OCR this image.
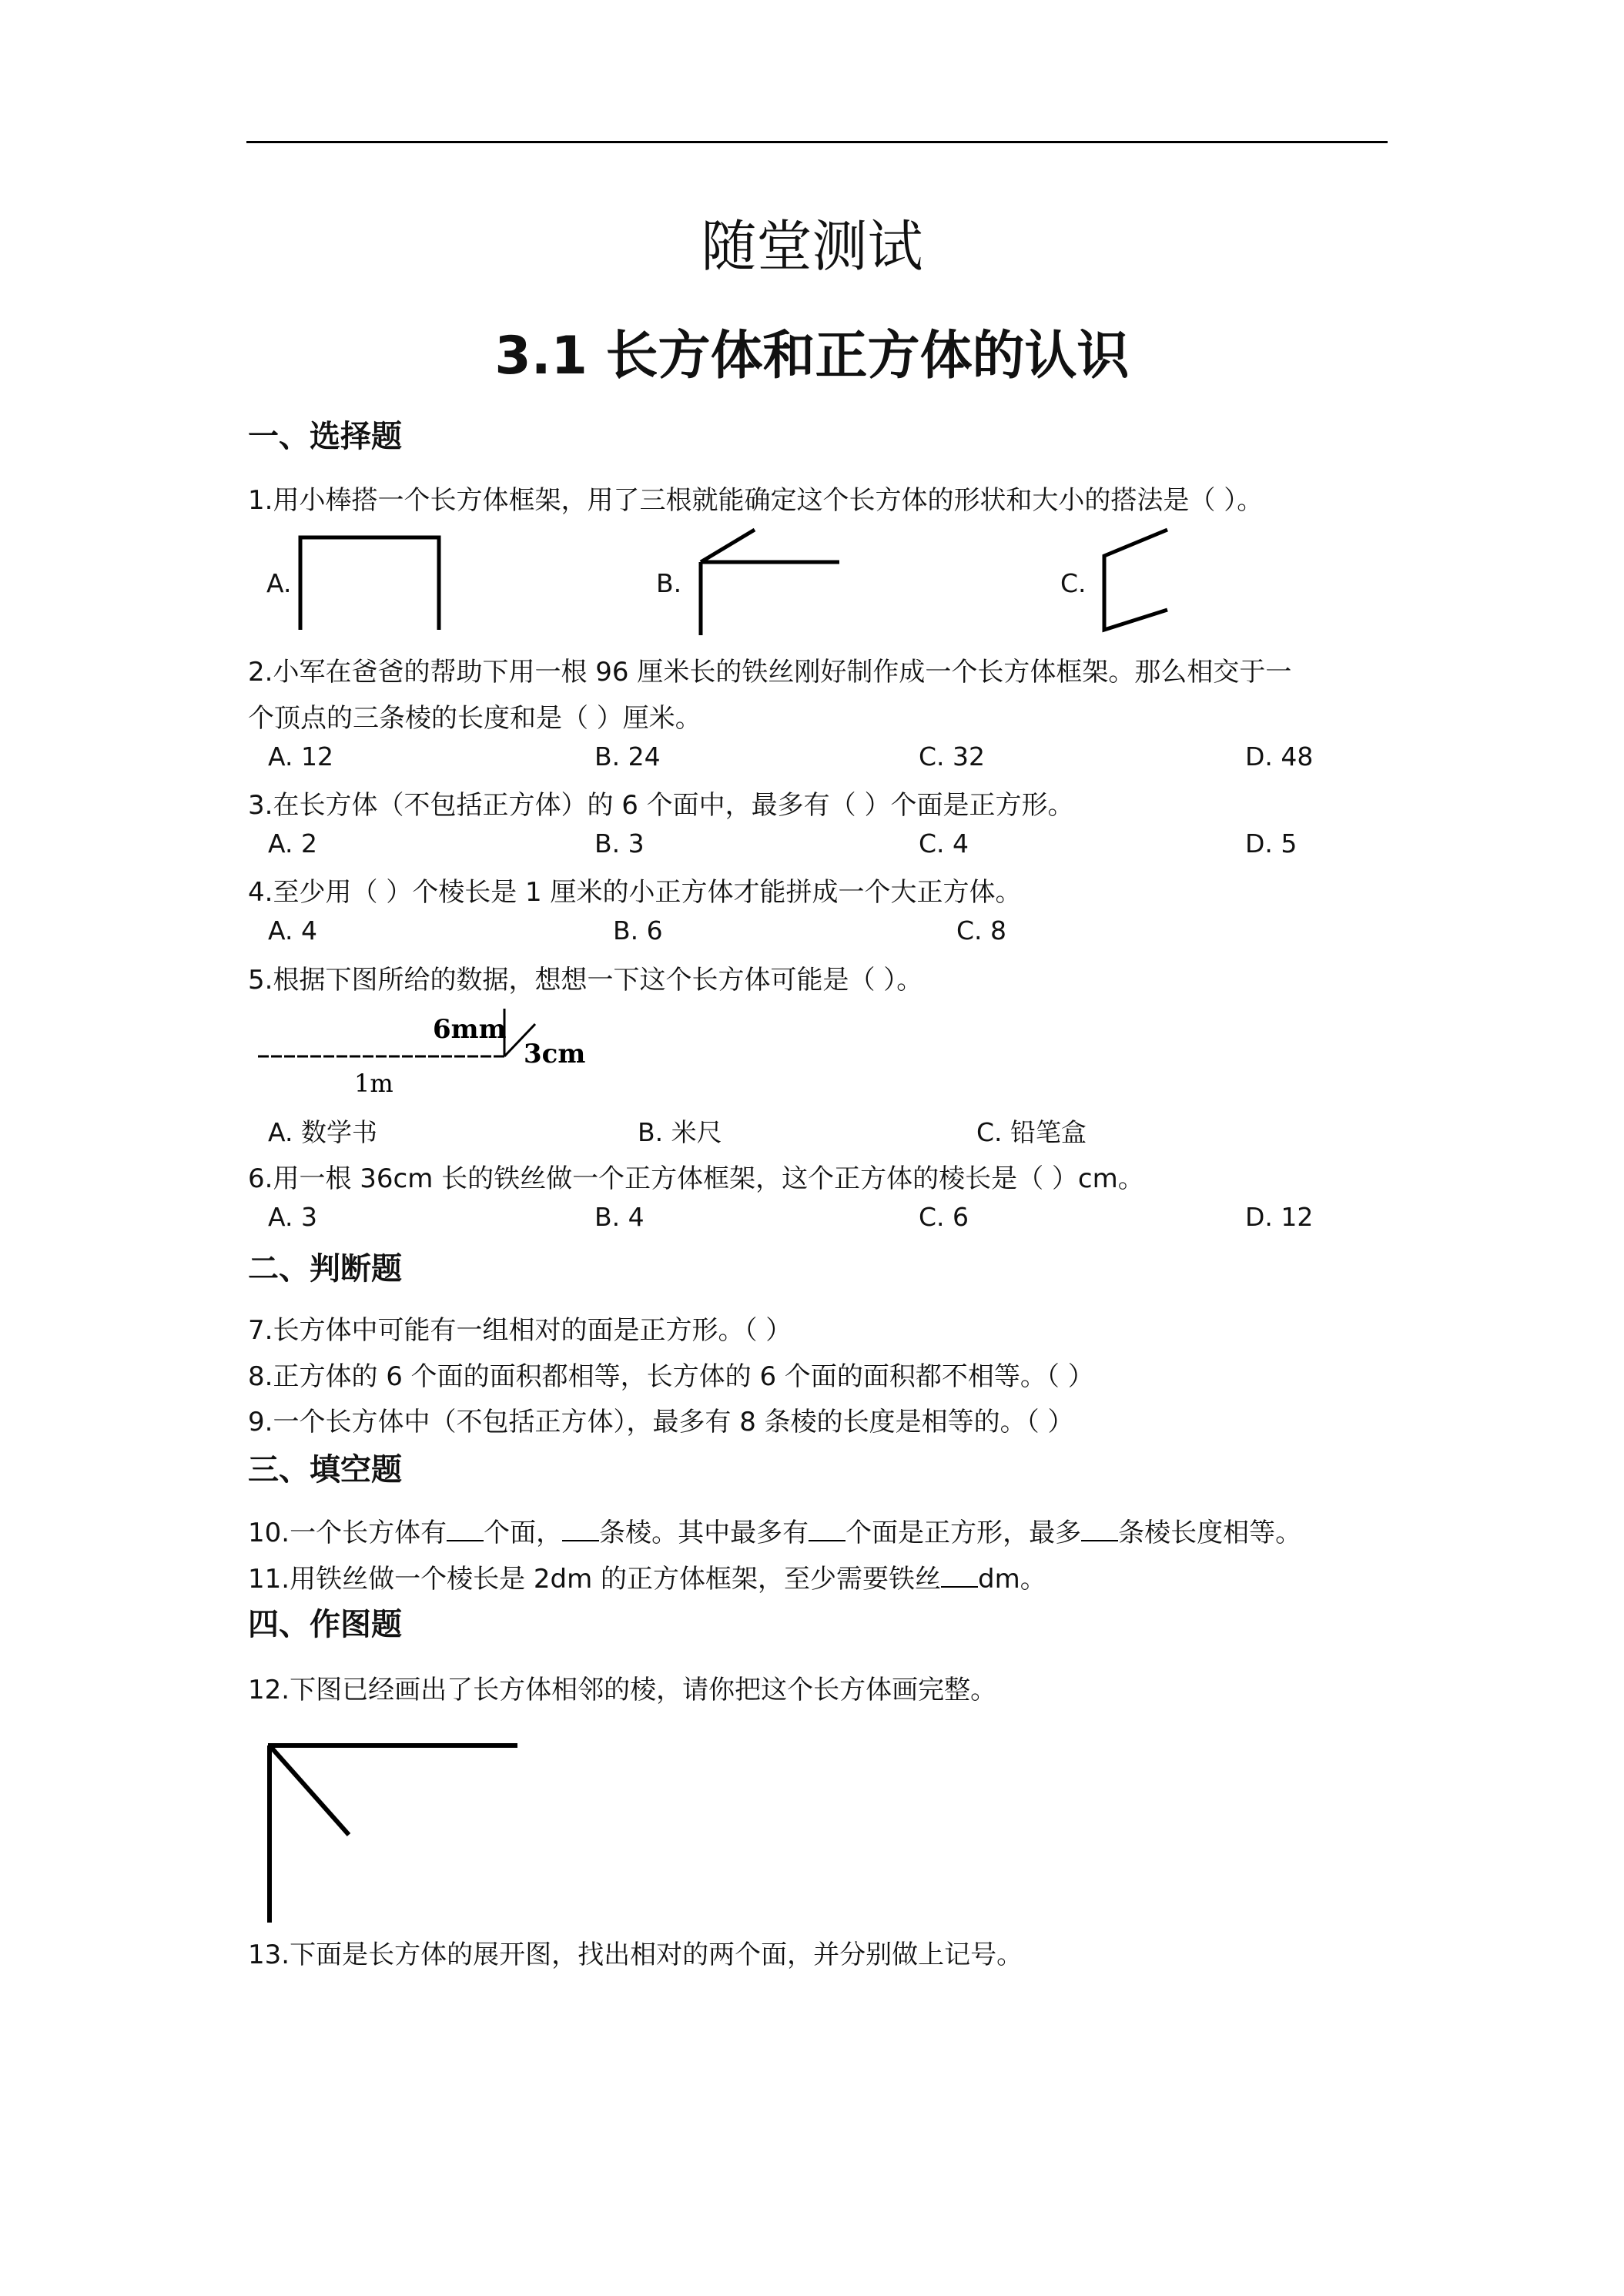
随堂测试
3.1 长方体和正方体的认识
一、选择题
1.用小棒搭一个长方体框架，用了三根就能确定这个长方体的形状和大小的搭法是（ ）。
A.	B.	C.
2.小军在爸爸的帮助下用一根 96 厘米长的铁丝刚好制作成一个长方体框架。那么相交于一
个顶点的三条棱的长度和是（ ）厘米。
A. 12	B. 24	C. 32	D. 48
3.在长方体（不包括正方体）的 6 个面中，最多有（ ）个面是正方形。
A. 2	B. 3	C. 4	D. 5
4.至少用（ ）个棱长是 1 厘米的小正方体才能拼成一个大正方体。
A. 4	B. 6	C. 8
5.根据下图所给的数据，想想一下这个长方体可能是（ ）。
6mm
3cm
1m
A. 数学书	B. 米尺	C. 铅笔盒
6.用一根 36cm 长的铁丝做一个正方体框架，这个正方体的棱长是（ ）cm。
A. 3	B. 4	C. 6	D. 12
二、判断题
7.长方体中可能有一组相对的面是正方形。（ ）
8.正方体的 6 个面的面积都相等，长方体的 6 个面的面积都不相等。（ ）
9.一个长方体中（不包括正方体），最多有 8 条棱的长度是相等的。（ ）
三、填空题
10.一个长方体有 个面， 条棱。其中最多有 个面是正方形，最多 条棱长度相等。
11.用铁丝做一个棱长是 2dm 的正方体框架，至少需要铁丝 dm。
四、作图题
12.下图已经画出了长方体相邻的棱，请你把这个长方体画完整。
13.下面是长方体的展开图，找出相对的两个面，并分别做上记号。
